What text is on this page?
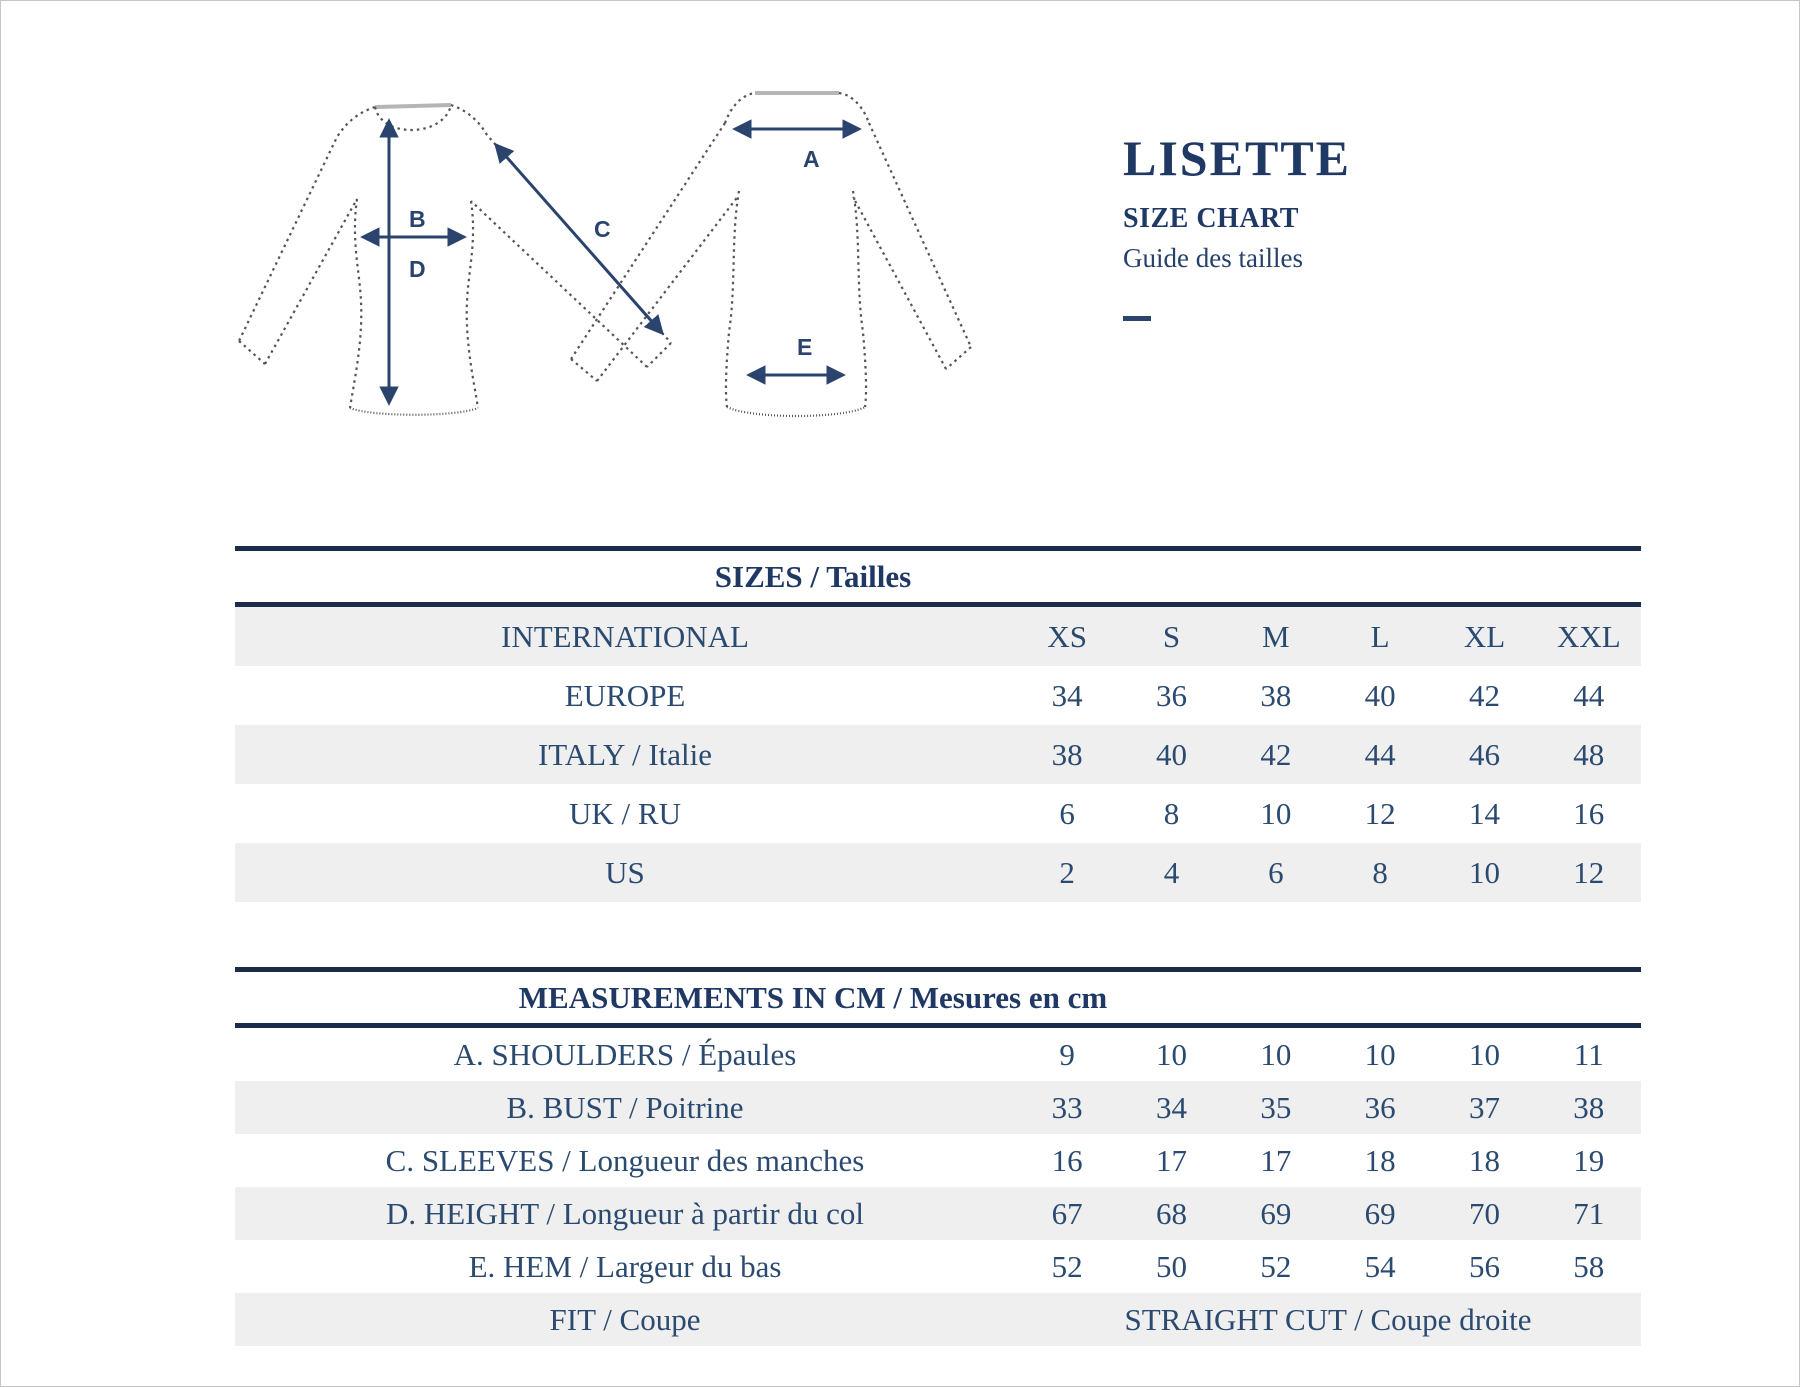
B
D
C
A
E
LISETTE
SIZE CHART
Guide des tailles
SIZES / Tailles
INTERNATIONAL	XS	S	M	L	XL	XXL
EUROPE	34	36	38	40	42	44
ITALY / Italie	38	40	42	44	46	48
UK / RU	6	8	10	12	14	16
US	2	4	6	8	10	12
MEASUREMENTS IN CM / Mesures en cm
A. SHOULDERS / Épaules	9	10	10	10	10	11
B. BUST / Poitrine	33	34	35	36	37	38
C. SLEEVES / Longueur des manches	16	17	17	18	18	19
D. HEIGHT / Longueur à partir du col	67	68	69	69	70	71
E. HEM / Largeur du bas	52	50	52	54	56	58
FIT / Coupe	STRAIGHT CUT / Coupe droite
